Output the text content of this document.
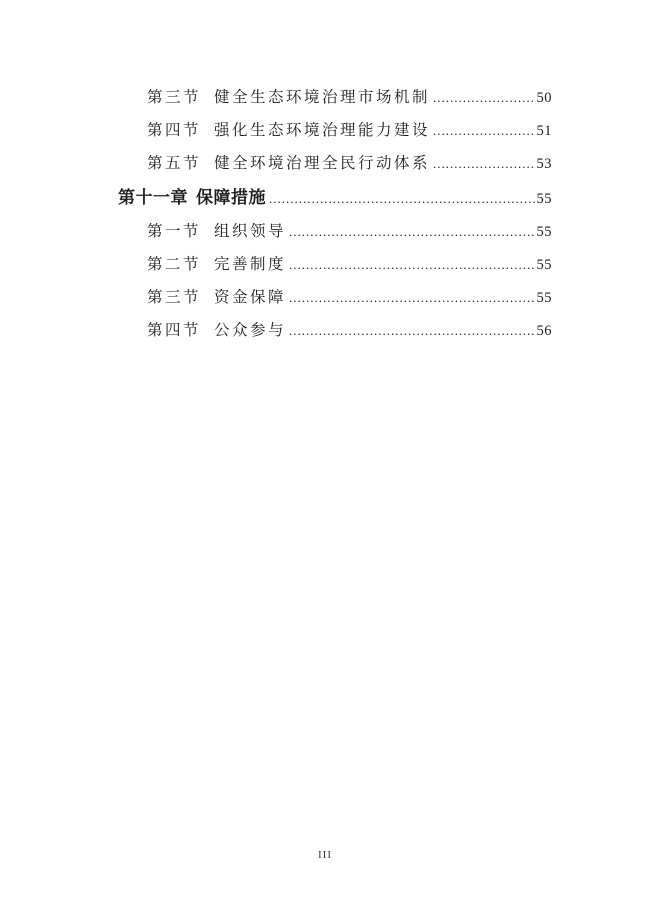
第三节 健全生态环境治理市场机制 .....	50
第四节 强化生态环境治理能力建设 .....	51
第五节 健全环境治理全民行动体系 .....	53
第十一章 保障措施 .....	55
第一节 组织领导 .....	55
第二节 完善制度 .....	55
第三节 资金保障 .....	55
第四节 公众参与 .....	56
III
